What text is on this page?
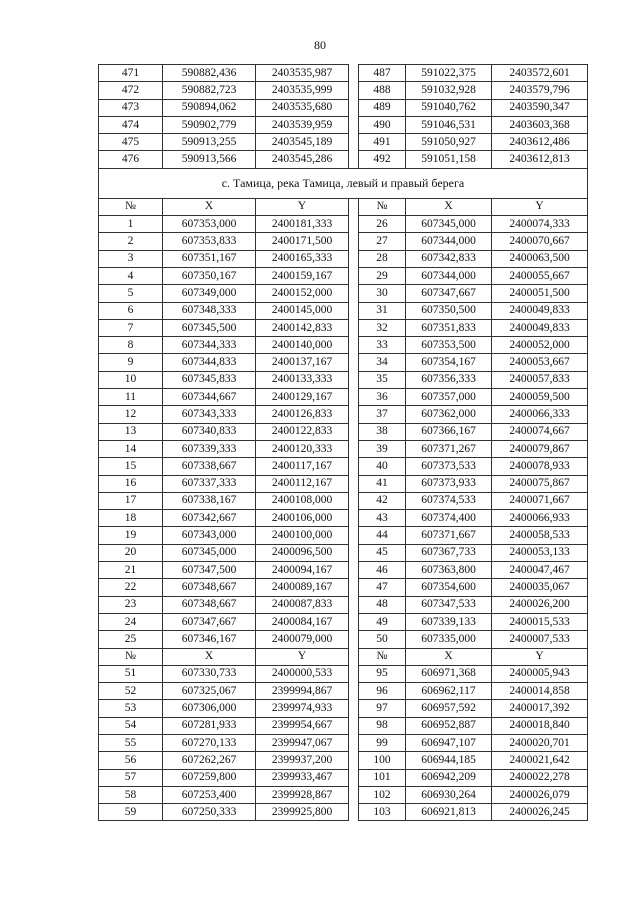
80
471	590882,436	2403535,987		487	591022,375	2403572,601
472	590882,723	2403535,999		488	591032,928	2403579,796
473	590894,062	2403535,680		489	591040,762	2403590,347
474	590902,779	2403539,959		490	591046,531	2403603,368
475	590913,255	2403545,189		491	591050,927	2403612,486
476	590913,566	2403545,286		492	591051,158	2403612,813
с. Тамица, река Тамица, левый и правый берега						
№	X	Y		№	X	Y
1	607353,000	2400181,333		26	607345,000	2400074,333
2	607353,833	2400171,500		27	607344,000	2400070,667
3	607351,167	2400165,333		28	607342,833	2400063,500
4	607350,167	2400159,167		29	607344,000	2400055,667
5	607349,000	2400152,000		30	607347,667	2400051,500
6	607348,333	2400145,000		31	607350,500	2400049,833
7	607345,500	2400142,833		32	607351,833	2400049,833
8	607344,333	2400140,000		33	607353,500	2400052,000
9	607344,833	2400137,167		34	607354,167	2400053,667
10	607345,833	2400133,333		35	607356,333	2400057,833
11	607344,667	2400129,167		36	607357,000	2400059,500
12	607343,333	2400126,833		37	607362,000	2400066,333
13	607340,833	2400122,833		38	607366,167	2400074,667
14	607339,333	2400120,333		39	607371,267	2400079,867
15	607338,667	2400117,167		40	607373,533	2400078,933
16	607337,333	2400112,167		41	607373,933	2400075,867
17	607338,167	2400108,000		42	607374,533	2400071,667
18	607342,667	2400106,000		43	607374,400	2400066,933
19	607343,000	2400100,000		44	607371,667	2400058,533
20	607345,000	2400096,500		45	607367,733	2400053,133
21	607347,500	2400094,167		46	607363,800	2400047,467
22	607348,667	2400089,167		47	607354,600	2400035,067
23	607348,667	2400087,833		48	607347,533	2400026,200
24	607347,667	2400084,167		49	607339,133	2400015,533
25	607346,167	2400079,000		50	607335,000	2400007,533
№	X	Y		№	X	Y
51	607330,733	2400000,533		95	606971,368	2400005,943
52	607325,067	2399994,867		96	606962,117	2400014,858
53	607306,000	2399974,933		97	606957,592	2400017,392
54	607281,933	2399954,667		98	606952,887	2400018,840
55	607270,133	2399947,067		99	606947,107	2400020,701
56	607262,267	2399937,200		100	606944,185	2400021,642
57	607259,800	2399933,467		101	606942,209	2400022,278
58	607253,400	2399928,867		102	606930,264	2400026,079
59	607250,333	2399925,800		103	606921,813	2400026,245
